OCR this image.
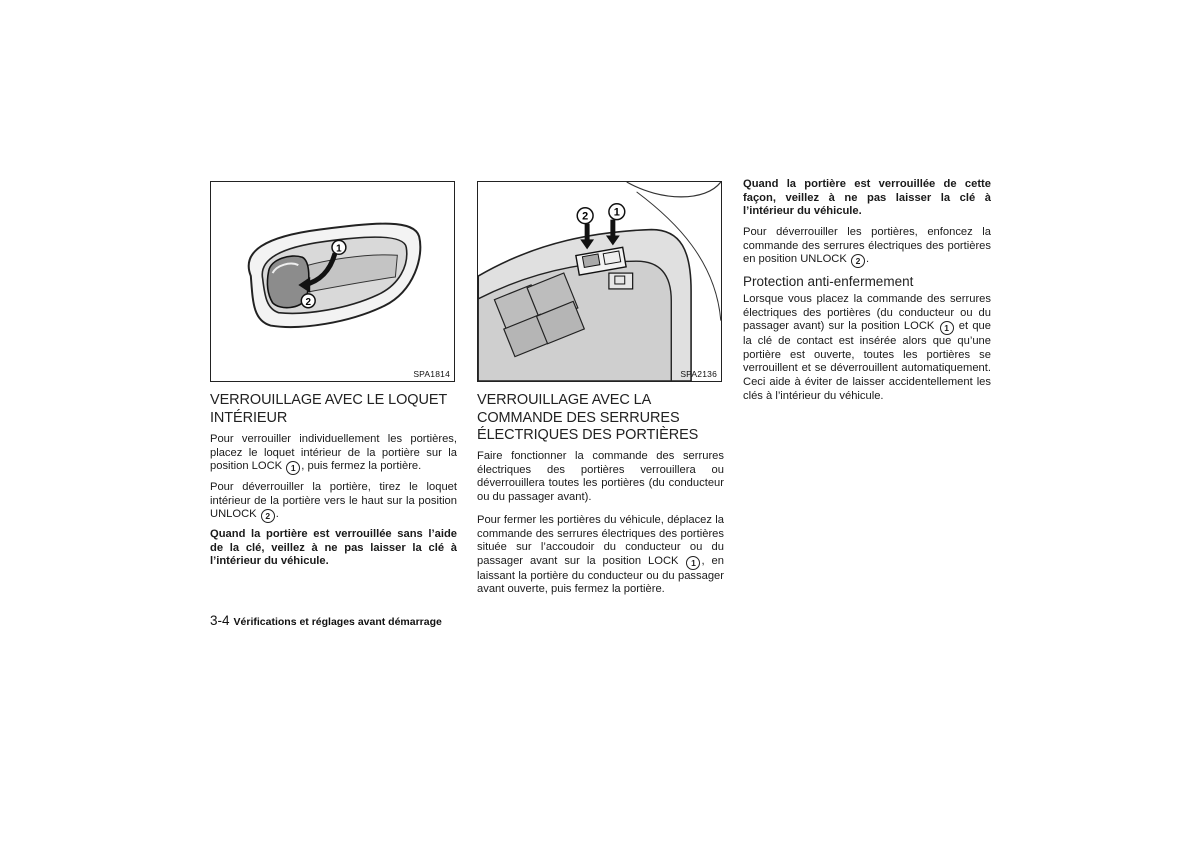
1
2
SPA1814
VERROUILLAGE AVEC LE LOQUET INTÉRIEUR

Pour verrouiller individuellement les portières, placez le loquet intérieur de la portière sur la position LOCK 1 , puis fermez la portière.

Pour déverrouiller la portière, tirez le loquet intérieur de la portière vers le haut sur la position UNLOCK 2 .

Quand la portière est verrouillée sans l’aide de la clé, veillez à ne pas laisser la clé à l’intérieur du véhicule.

2 1
SPA2136
VERROUILLAGE AVEC LA COMMANDE DES SERRURES ÉLECTRIQUES DES PORTIÈRES

Faire fonctionner la commande des serrures électriques des portières verrouillera ou déverrouillera toutes les portières (du conducteur ou du passager avant).

Pour fermer les portières du véhicule, déplacez la commande des serrures électriques des portières située sur l’accoudoir du conducteur ou du passager avant sur la position LOCK 1 , en laissant la portière du conducteur ou du passager avant ouverte, puis fermez la portière.

Quand la portière est verrouillée de cette façon, veillez à ne pas laisser la clé à l’intérieur du véhicule.

Pour déverrouiller les portières, enfoncez la commande des serrures électriques des portières en position UNLOCK 2 .

Protection anti-enfermement

Lorsque vous placez la commande des serrures électriques des portières (du conducteur ou du passager avant) sur la position LOCK 1 et que la clé de contact est insérée alors que qu’une portière est ouverte, toutes les portières se verrouillent et se déverrouillent automatiquement. Ceci aide à éviter de laisser accidentellement les clés à l’intérieur du véhicule.

3-4 Vérifications et réglages avant démarrage
